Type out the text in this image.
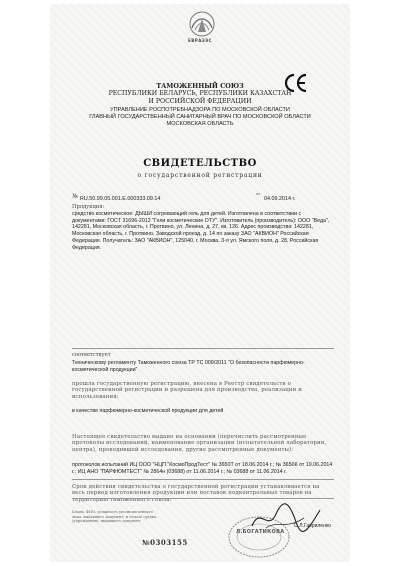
ЕВРАЗЭС
ТАМОЖЕННЫЙ СОЮЗ
РЕСПУБЛИКИ БЕЛАРУСЬ, РЕСПУБЛИКИ КАЗАХСТАН
И РОССИЙСКОЙ ФЕДЕРАЦИИ
УПРАВЛЕНИЕ РОСПОТРЕБНАДЗОРА ПО МОСКОВСКОЙ ОБЛАСТИ
ГЛАВНЫЙ ГОСУДАРСТВЕННЫЙ САНИТАРНЫЙ ВРАЧ ПО МОСКОВСКОЙ ОБЛАСТИ
МОСКОВСКАЯ ОБЛАСТЬ
СВИДЕТЕЛЬСТВО
о государственной регистрации
№ RU.50.99.05.001.Е.000333.09.14
от
04.09.2014 г.
Продукция:
средство косметическое: ДЫШИ согревающий гель для детей. Изготовлена в соответствии с документами: ГОСТ 31696-2012 "Гели косметические ОТУ". Изготовитель (производитель): ООО "Веда", 142281, Московская область, г. Протвино, ул. Ленина, д. 27, кв. 126. Адрес производства: 142281, Московская область, г. Протвино, Заводской проезд, д. 14 по заказу ЗАО "АКВИОН" Российская Федерация. Получатель: ЗАО "АКВИОН", 125040, г. Москва, 3-я ул. Ямского поля, д. 28, Российская Федерация.
соответствует
Техническому регламенту Таможенного союза ТР ТС 009/2011 "О безопасности парфюмерно-косметической продукции"
прошла государственную регистрацию, внесена в Реестр свидетельств о государственной регистрации и разрешена для производства, реализации и использования:
в качестве парфюмерно-косметической продукции для детей
Настоящее свидетельство выдано на основании (перечислить рассмотренные протоколы исследований, наименование организации (испытательной лаборатории, центра), проводившей исследования, другие рассмотренные документы):
протоколов испытаний ИЦ ООО "НЦП "КосмоПродТест" № 3650Т от 18.06.2014 г.; № 3650К от 19.06.2014 г.; ИЦ АНО "ПАРФЮМТЕСТ" № 2864н (03688) от 11.06.2014 г.; № 03688 от 11.06.2014 г.
Срок действия свидетельства о государственной регистрации устанавливается на весь период изготовления продукции или поставок подконтрольных товаров на территорию таможенного союза.
Бланк, ФИО, должность уполномоченного лица, выдавшего документ, и печать органа (учреждения), выдавшего документ
Л.БОГАТИКОВА
О.Л.Гавриленко
№0303155
